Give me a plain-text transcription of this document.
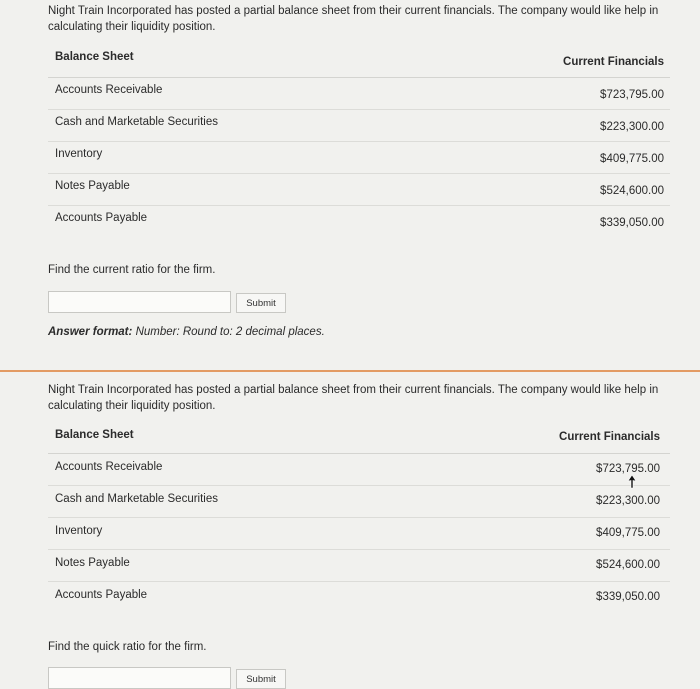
Night Train Incorporated has posted a partial balance sheet from their current financials. The company would like help in calculating their liquidity position.

Balance Sheet	Current Financials
Accounts Receivable	$723,795.00
Cash and Marketable Securities	$223,300.00
Inventory	$409,775.00
Notes Payable	$524,600.00
Accounts Payable	$339,050.00

Find the current ratio for the firm.

Submit

Answer format: Number: Round to: 2 decimal places.

Night Train Incorporated has posted a partial balance sheet from their current financials. The company would like help in calculating their liquidity position.

Balance Sheet	Current Financials
Accounts Receivable	$723,795.00
Cash and Marketable Securities	$223,300.00
Inventory	$409,775.00
Notes Payable	$524,600.00
Accounts Payable	$339,050.00

Find the quick ratio for the firm.

Submit
